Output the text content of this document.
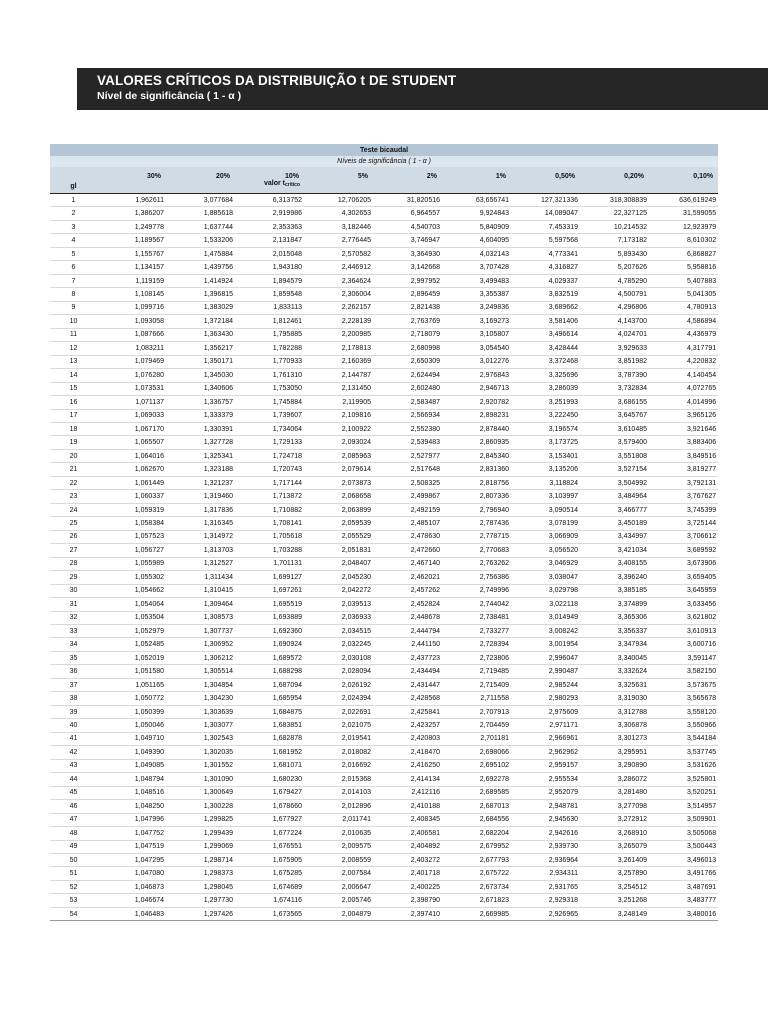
VALORES CRÍTICOS DA DISTRIBUIÇÃO t DE STUDENT
Nível de significância ( 1 - α )
Teste bicaudal									
Níveis de significância ( 1 - α )									
	30%	20%	10%	5%	2%	1%	0,50%	0,20%	0,10%
gl			valor tcrítico						
1	1,962611	3,077684	6,313752	12,706205	31,820516	63,656741	127,321336	318,308839	636,619249
2	1,386207	1,885618	2,919986	4,302653	6,964557	9,924843	14,089047	22,327125	31,599055
3	1,249778	1,637744	2,353363	3,182446	4,540703	5,840909	7,453319	10,214532	12,923979
4	1,189567	1,533206	2,131847	2,776445	3,746947	4,604095	5,597568	7,173182	8,610302
5	1,155767	1,475884	2,015048	2,570582	3,364930	4,032143	4,773341	5,893430	6,868827
6	1,134157	1,439756	1,943180	2,446912	3,142668	3,707428	4,316827	5,207626	5,958816
7	1,119159	1,414924	1,894579	2,364624	2,997952	3,499483	4,029337	4,785290	5,407883
8	1,108145	1,396815	1,859548	2,306004	2,896459	3,355387	3,832519	4,500791	5,041305
9	1,099716	1,383029	1,833113	2,262157	2,821438	3,249836	3,689662	4,296806	4,780913
10	1,093058	1,372184	1,812461	2,228139	2,763769	3,169273	3,581406	4,143700	4,586894
11	1,087666	1,363430	1,795885	2,200985	2,718079	3,105807	3,496614	4,024701	4,436979
12	1,083211	1,356217	1,782288	2,178813	2,680998	3,054540	3,428444	3,929633	4,317791
13	1,079469	1,350171	1,770933	2,160369	2,650309	3,012276	3,372468	3,851982	4,220832
14	1,076280	1,345030	1,761310	2,144787	2,624494	2,976843	3,325696	3,787390	4,140454
15	1,073531	1,340606	1,753050	2,131450	2,602480	2,946713	3,286039	3,732834	4,072765
16	1,071137	1,336757	1,745884	2,119905	2,583487	2,920782	3,251993	3,686155	4,014996
17	1,069033	1,333379	1,739607	2,109816	2,566934	2,898231	3,222450	3,645767	3,965126
18	1,067170	1,330391	1,734064	2,100922	2,552380	2,878440	3,196574	3,610485	3,921646
19	1,065507	1,327728	1,729133	2,093024	2,539483	2,860935	3,173725	3,579400	3,883406
20	1,064016	1,325341	1,724718	2,085963	2,527977	2,845340	3,153401	3,551808	3,849516
21	1,062670	1,323188	1,720743	2,079614	2,517648	2,831360	3,135206	3,527154	3,819277
22	1,061449	1,321237	1,717144	2,073873	2,508325	2,818756	3,118824	3,504992	3,792131
23	1,060337	1,319460	1,713872	2,068658	2,499867	2,807336	3,103997	3,484964	3,767627
24	1,059319	1,317836	1,710882	2,063899	2,492159	2,796940	3,090514	3,466777	3,745399
25	1,058384	1,316345	1,708141	2,059539	2,485107	2,787436	3,078199	3,450189	3,725144
26	1,057523	1,314972	1,705618	2,055529	2,478630	2,778715	3,066909	3,434997	3,706612
27	1,056727	1,313703	1,703288	2,051831	2,472660	2,770683	3,056520	3,421034	3,689592
28	1,055989	1,312527	1,701131	2,048407	2,467140	2,763262	3,046929	3,408155	3,673906
29	1,055302	1,311434	1,699127	2,045230	2,462021	2,756386	3,038047	3,396240	3,659405
30	1,054662	1,310415	1,697261	2,042272	2,457262	2,749996	3,029798	3,385185	3,645959
31	1,054064	1,309464	1,695519	2,039513	2,452824	2,744042	3,022118	3,374899	3,633456
32	1,053504	1,308573	1,693889	2,036933	2,448678	2,738481	3,014949	3,365306	3,621802
33	1,052979	1,307737	1,692360	2,034515	2,444794	2,733277	3,008242	3,356337	3,610913
34	1,052485	1,306952	1,690924	2,032245	2,441150	2,728394	3,001954	3,347934	3,600716
35	1,052019	1,306212	1,689572	2,030108	2,437723	2,723806	2,996047	3,340045	3,591147
36	1,051580	1,305514	1,688298	2,028094	2,434494	2,719485	2,990487	3,332624	3,582150
37	1,051165	1,304854	1,687094	2,026192	2,431447	2,715409	2,985244	3,325631	3,573675
38	1,050772	1,304230	1,685954	2,024394	2,428568	2,711558	2,980293	3,319030	3,565678
39	1,050399	1,303639	1,684875	2,022691	2,425841	2,707913	2,975609	3,312788	3,558120
40	1,050046	1,303077	1,683851	2,021075	2,423257	2,704459	2,971171	3,306878	3,550966
41	1,049710	1,302543	1,682878	2,019541	2,420803	2,701181	2,966961	3,301273	3,544184
42	1,049390	1,302035	1,681952	2,018082	2,418470	2,698066	2,962962	3,295951	3,537745
43	1,049085	1,301552	1,681071	2,016692	2,416250	2,695102	2,959157	3,290890	3,531626
44	1,048794	1,301090	1,680230	2,015368	2,414134	2,692278	2,955534	3,286072	3,525801
45	1,048516	1,300649	1,679427	2,014103	2,412116	2,689585	2,952079	3,281480	3,520251
46	1,048250	1,300228	1,678660	2,012896	2,410188	2,687013	2,948781	3,277098	3,514957
47	1,047996	1,299825	1,677927	2,011741	2,408345	2,684556	2,945630	3,272912	3,509901
48	1,047752	1,299439	1,677224	2,010635	2,406581	2,682204	2,942616	3,268910	3,505068
49	1,047519	1,299069	1,676551	2,009575	2,404892	2,679952	2,939730	3,265079	3,500443
50	1,047295	1,298714	1,675905	2,008559	2,403272	2,677793	2,936964	3,261409	3,496013
51	1,047080	1,298373	1,675285	2,007584	2,401718	2,675722	2,934311	3,257890	3,491766
52	1,046873	1,298045	1,674689	2,006647	2,400225	2,673734	2,931765	3,254512	3,487691
53	1,046674	1,297730	1,674116	2,005746	2,398790	2,671823	2,929318	3,251268	3,483777
54	1,046483	1,297426	1,673565	2,004879	2,397410	2,669985	2,926965	3,248149	3,480016
